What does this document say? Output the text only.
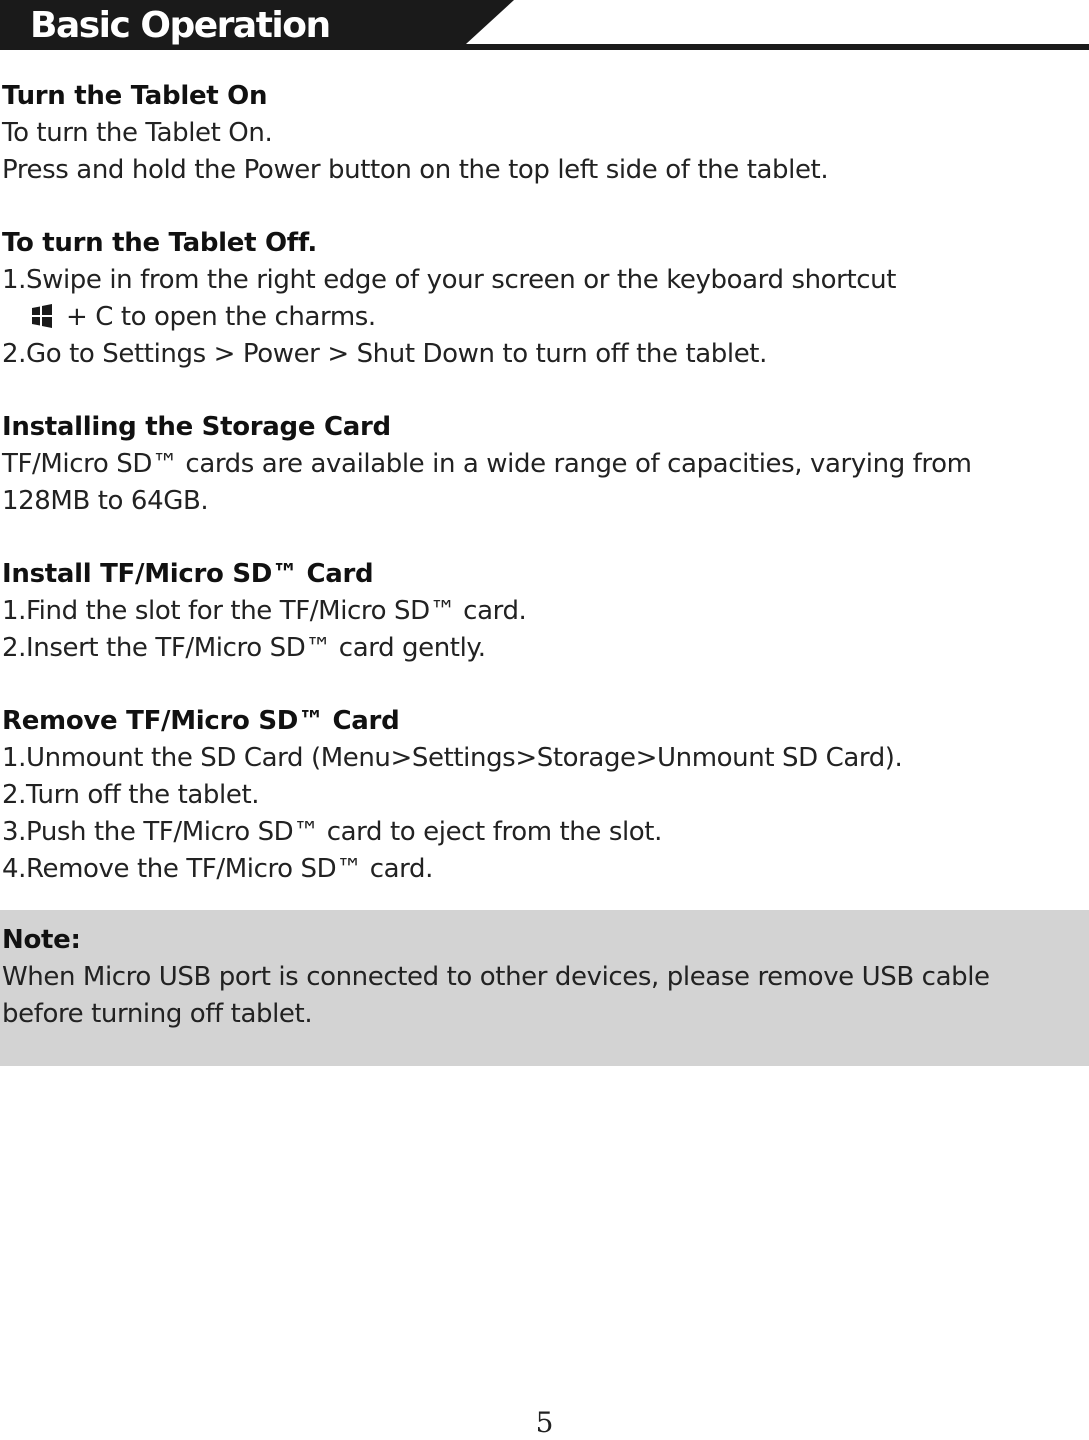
Basic Operation
Turn the Tablet On
To turn the Tablet On.
Press and hold the Power button on the top left side of the tablet.
To turn the Tablet Off.
1.Swipe in from the right edge of your screen or the keyboard shortcut
+ C to open the charms.
2.Go to Settings > Power > Shut Down to turn off the tablet.
Installing the Storage Card
TF/Micro SD™ cards are available in a wide range of capacities, varying from
128MB to 64GB.
Install TF/Micro SD™ Card
1.Find the slot for the TF/Micro SD™ card.
2.Insert the TF/Micro SD™ card gently.
Remove TF/Micro SD™ Card
1.Unmount the SD Card (Menu>Settings>Storage>Unmount SD Card).
2.Turn off the tablet.
3.Push the TF/Micro SD™ card to eject from the slot.
4.Remove the TF/Micro SD™ card.
Note:
When Micro USB port is connected to other devices, please remove USB cable
before turning off tablet.
5
